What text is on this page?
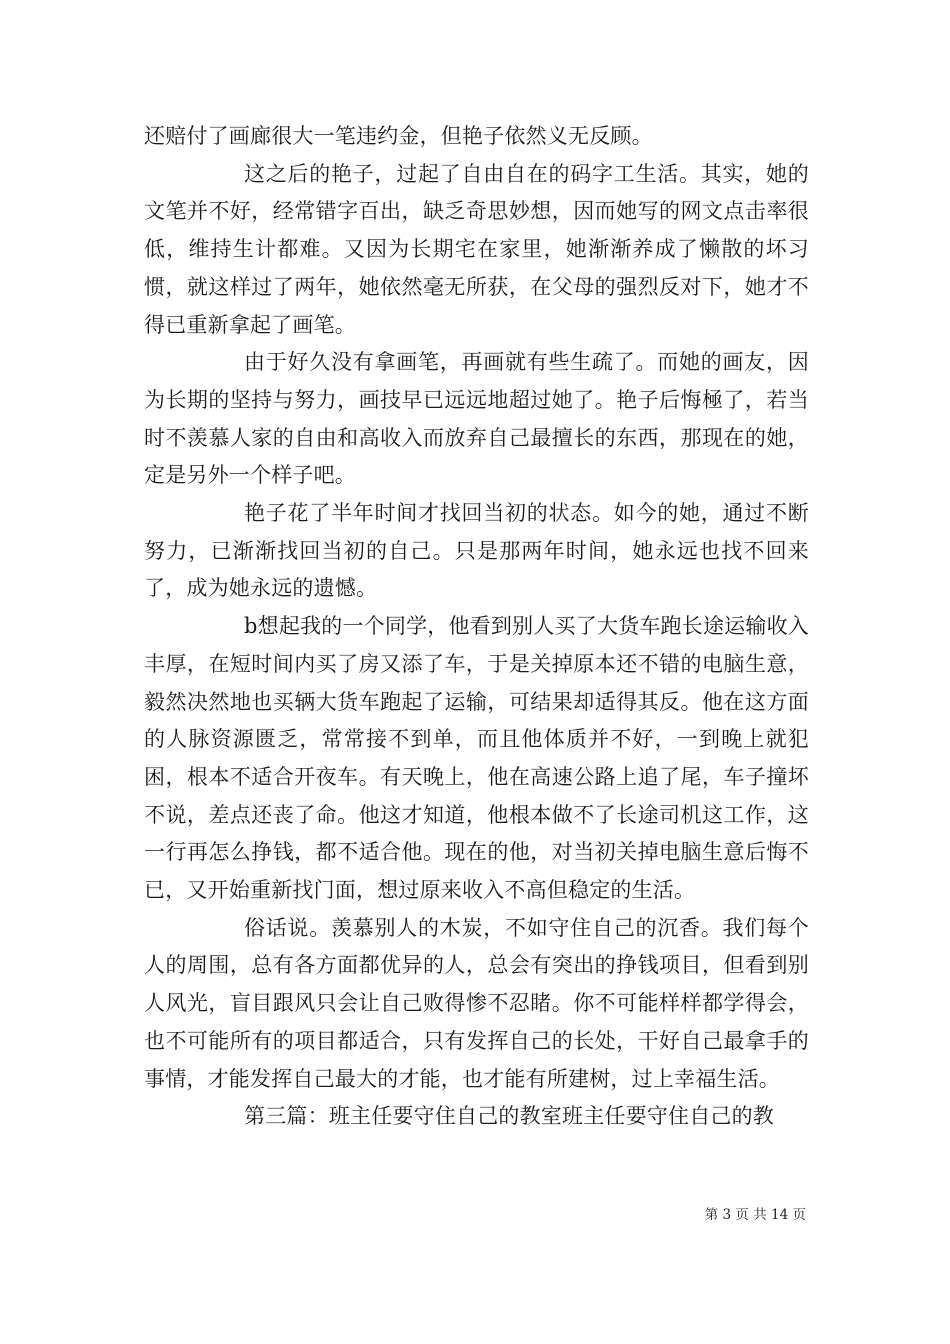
还赔付了画廊很大一笔违约金，但艳子依然义无反顾。

这之后的艳子，过起了自由自在的码字工生活。其实，她的文笔并不好，经常错字百出，缺乏奇思妙想，因而她写的网文点击率很低，维持生计都难。又因为长期宅在家里，她渐渐养成了懒散的坏习惯，就这样过了两年，她依然毫无所获，在父母的强烈反对下，她才不得已重新拿起了画笔。

由于好久没有拿画笔，再画就有些生疏了。而她的画友，因为长期的坚持与努力，画技早已远远地超过她了。艳子后悔極了，若当时不羡慕人家的自由和高收入而放弃自己最擅长的东西，那现在的她，定是另外一个样子吧。

艳子花了半年时间才找回当初的状态。如今的她，通过不断努力，已渐渐找回当初的自己。只是那两年时间，她永远也找不回来了，成为她永远的遗憾。

b想起我的一个同学，他看到别人买了大货车跑长途运输收入丰厚，在短时间内买了房又添了车，于是关掉原本还不错的电脑生意，毅然决然地也买辆大货车跑起了运输，可结果却适得其反。他在这方面的人脉资源匮乏，常常接不到单，而且他体质并不好，一到晚上就犯困，根本不适合开夜车。有天晚上，他在高速公路上追了尾，车子撞坏不说，差点还丧了命。他这才知道，他根本做不了长途司机这工作，这一行再怎么挣钱，都不适合他。现在的他，对当初关掉电脑生意后悔不已，又开始重新找门面，想过原来收入不高但稳定的生活。

俗话说。羡慕别人的木炭，不如守住自己的沉香。我们每个人的周围，总有各方面都优异的人，总会有突出的挣钱项目，但看到别人风光，盲目跟风只会让自己败得惨不忍睹。你不可能样样都学得会，也不可能所有的项目都适合，只有发挥自己的长处，干好自己最拿手的事情，才能发挥自己最大的才能，也才能有所建树，过上幸福生活。

第三篇：班主任要守住自己的教室班主任要守住自己的教

第 3 页 共 14 页
